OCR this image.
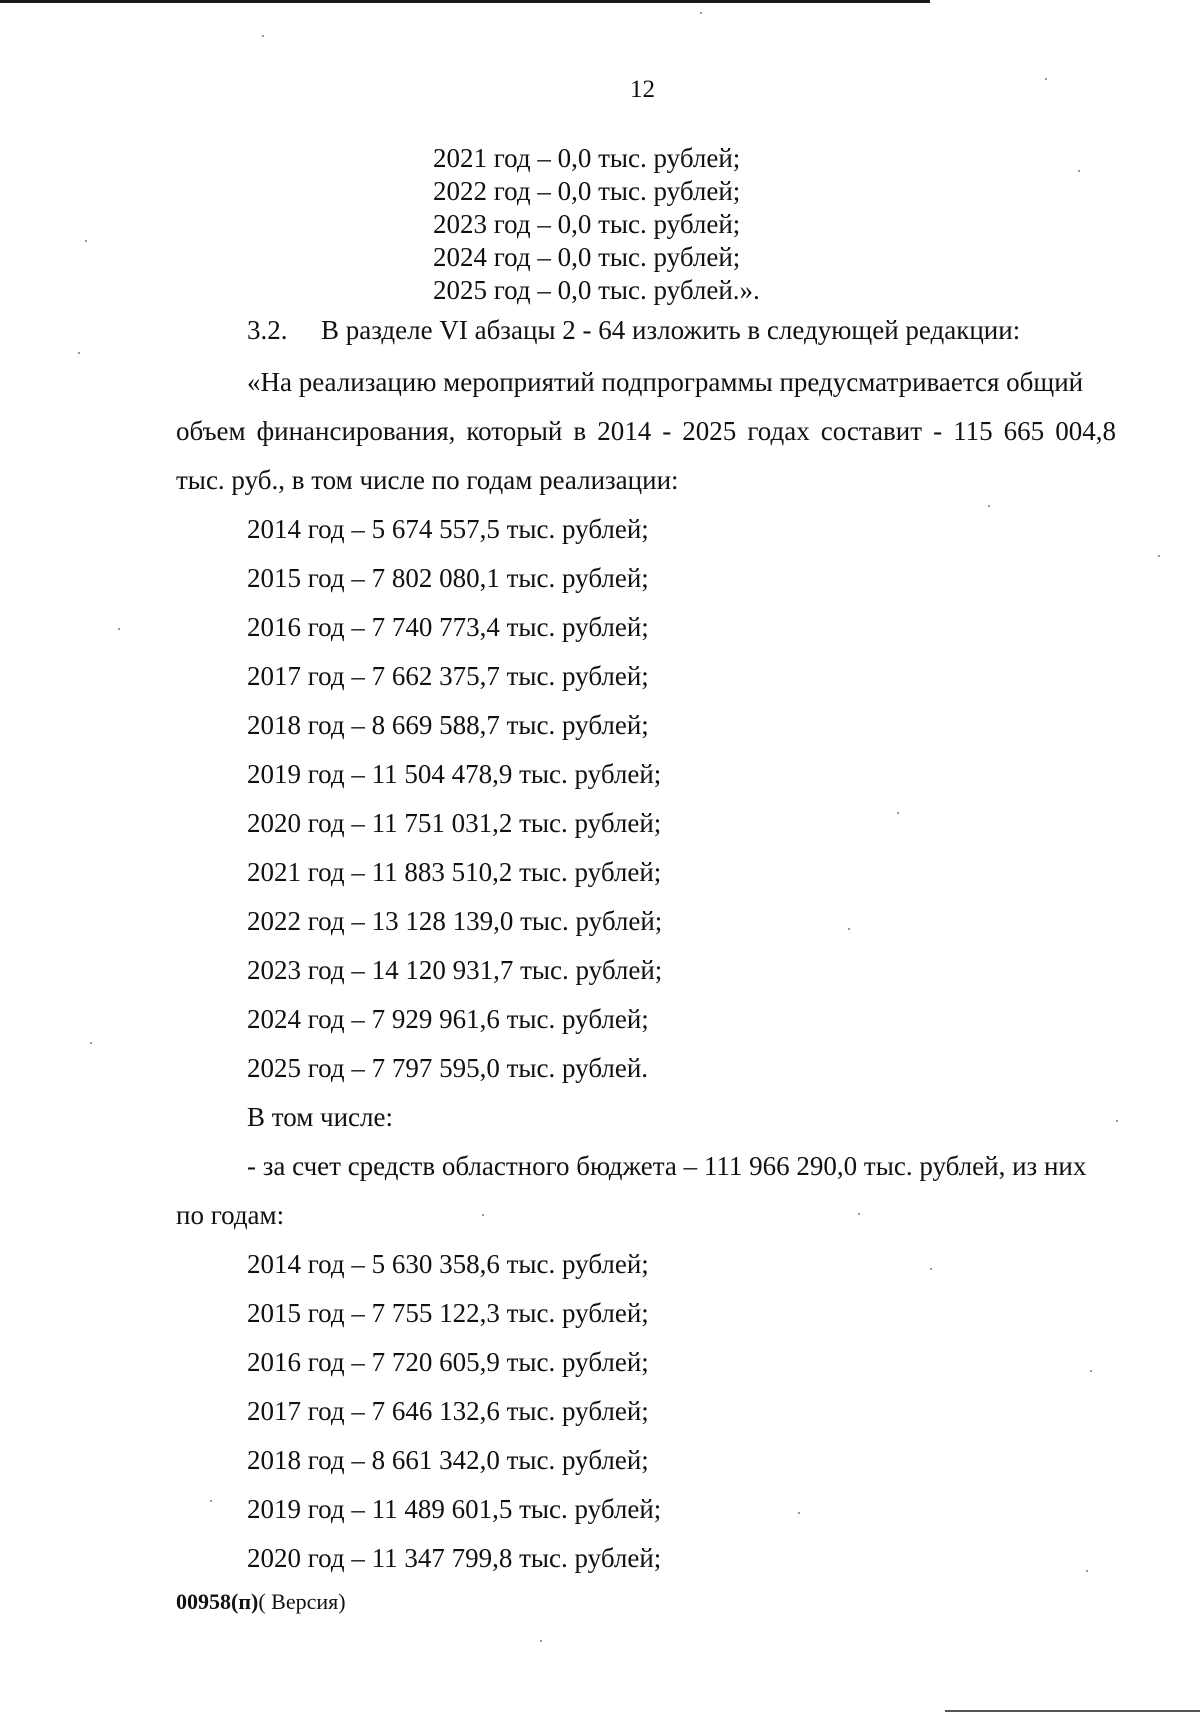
12
2021 год – 0,0 тыс. рублей;
2022 год – 0,0 тыс. рублей;
2023 год – 0,0 тыс. рублей;
2024 год – 0,0 тыс. рублей;
2025 год – 0,0 тыс. рублей.».
3.2. В разделе VI абзацы 2 - 64 изложить в следующей редакции:
«На реализацию мероприятий подпрограммы предусматривается общий
объем финансирования, который в 2014 - 2025 годах составит - 115 665 004,8
тыс. руб., в том числе по годам реализации:
2014 год – 5 674 557,5 тыс. рублей;
2015 год – 7 802 080,1 тыс. рублей;
2016 год – 7 740 773,4 тыс. рублей;
2017 год – 7 662 375,7 тыс. рублей;
2018 год – 8 669 588,7 тыс. рублей;
2019 год – 11 504 478,9 тыс. рублей;
2020 год – 11 751 031,2 тыс. рублей;
2021 год – 11 883 510,2 тыс. рублей;
2022 год – 13 128 139,0 тыс. рублей;
2023 год – 14 120 931,7 тыс. рублей;
2024 год – 7 929 961,6 тыс. рублей;
2025 год – 7 797 595,0 тыс. рублей.
В том числе:
- за счет средств областного бюджета – 111 966 290,0 тыс. рублей, из них
по годам:
2014 год – 5 630 358,6 тыс. рублей;
2015 год – 7 755 122,3 тыс. рублей;
2016 год – 7 720 605,9 тыс. рублей;
2017 год – 7 646 132,6 тыс. рублей;
2018 год – 8 661 342,0 тыс. рублей;
2019 год – 11 489 601,5 тыс. рублей;
2020 год – 11 347 799,8 тыс. рублей;
00958(п)( Версия)
